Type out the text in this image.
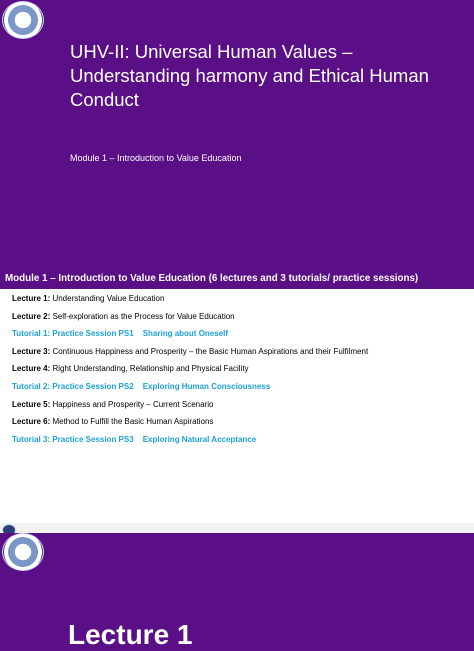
UHV-II: Universal Human Values – Understanding harmony and Ethical Human Conduct
Module 1 – Introduction to Value Education
Module 1 – Introduction to Value Education (6 lectures and 3 tutorials/ practice sessions)
Lecture 1: Understanding Value Education
Lecture 2: Self-exploration as the Process for Value Education
Tutorial 1: Practice Session PS1 Sharing about Oneself
Lecture 3: Continuous Happiness and Prosperity – the Basic Human Aspirations and their Fulfilment
Lecture 4: Right Understanding, Relationship and Physical Facility
Tutorial 2: Practice Session PS2 Exploring Human Consciousness
Lecture 5: Happiness and Prosperity – Current Scenario
Lecture 6: Method to Fulfill the Basic Human Aspirations
Tutorial 3: Practice Session PS3 Exploring Natural Acceptance
Lecture 1
